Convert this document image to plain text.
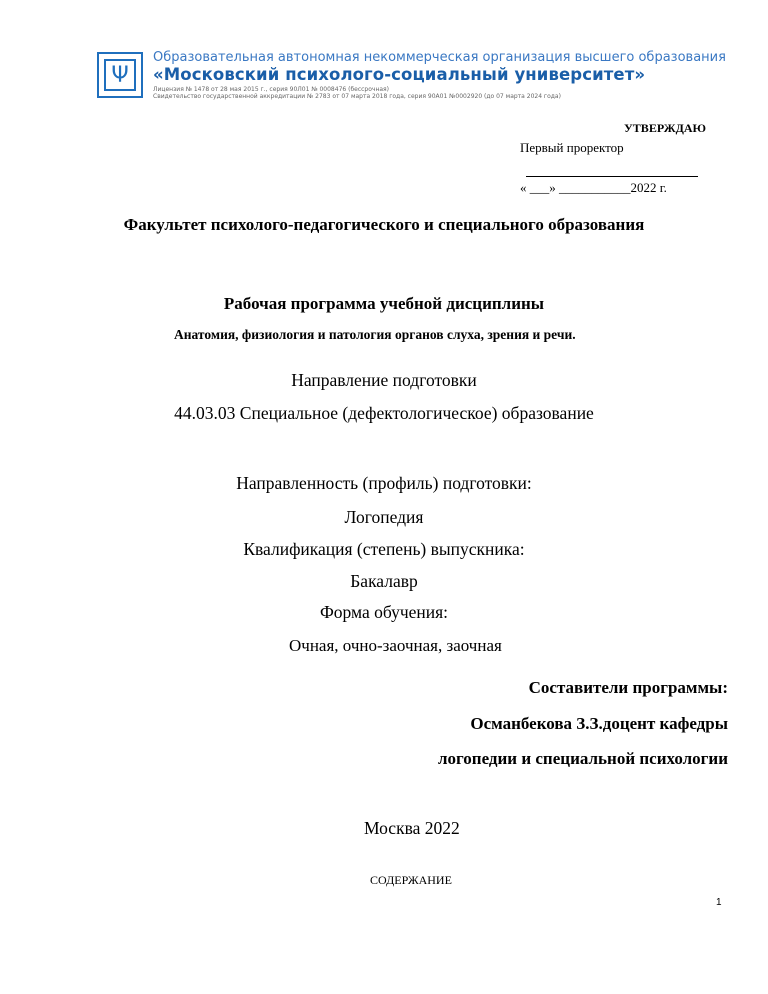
Ψ
Образовательная автономная некоммерческая организация высшего образования
«Московский психолого-социальный университет»
Лицензия № 1478 от 28 мая 2015 г., серия 90Л01 № 0008476 (бессрочная)
Свидетельство государственной аккредитации № 2783 от 07 марта 2018 года, серия 90А01 №0002920 (до 07 марта 2024 года)
УТВЕРЖДАЮ
Первый проректор
« ___» ___________2022 г.
Факультет психолого-педагогического и специального образования
Рабочая программа учебной дисциплины
Анатомия, физиология и патология органов слуха, зрения и речи.
Направление подготовки
44.03.03 Специальное (дефектологическое) образование
Направленность (профиль) подготовки:
Логопедия
Квалификация (степень) выпускника:
Бакалавр
Форма обучения:
Очная, очно-заочная, заочная
Составители программы:
Османбекова З.З.доцент кафедры
логопедии и специальной психологии
Москва 2022
СОДЕРЖАНИЕ
1
